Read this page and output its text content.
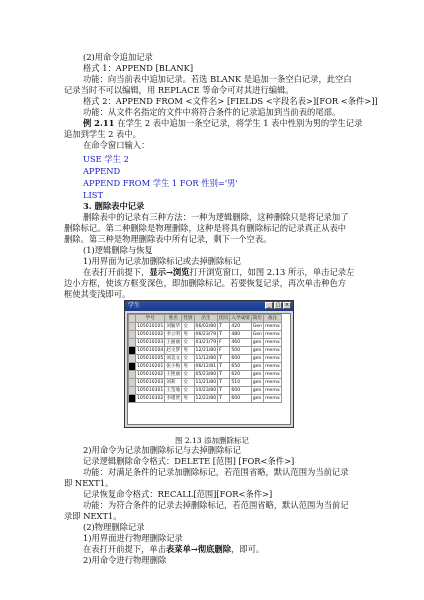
(2)用命令追加记录
格式 1：APPEND [BLANK]
功能：向当前表中追加记录。若选 BLANK 是追加一条空白记录，此空白
记录当时不可以编辑，用 REPLACE 等命令可对其进行编辑。
格式 2：APPEND FROM <文件名> [FIELDS <字段名表>][FOR <条件>]]
功能：从文件名指定的文件中将符合条件的记录追加到当前表的尾部。
例 2.11 在学生 2 表中追加一条空记录，将学生 1 表中性别为男的学生记录
追加到学生 2 表中。
在命令窗口输入：
USE 学生 2
APPEND
APPEND FROM 学生 1 FOR 性别='男'
LIST
3. 删除表中记录
删除表中的记录有三种方法：一种为逻辑删除，这种删除只是将记录加了
删除标记。第二种删除是物理删除，这种是将具有删除标记的记录真正从表中
删除。第三种是物理删除表中所有记录，剩下一个空表。
(1)逻辑删除与恢复
1)用界面为记录加删除标记或去掉删除标记
在表打开前提下，显示→浏览打开浏览窗口，如图 2.13 所示，单击记录左
边小方框，使该方框变深色，即加删除标记。若要恢复记录，再次单击种色方
框使其变浅即可。
2)用命令为记录加删除标记与去掉删除标记
记录逻辑删除命令格式：DELETE [范围] [FOR<条件>]
功能：对满足条件的记录加删除标记，若范围省略，默认范围为当前记录
即 NEXT1。
记录恢复命令格式：RECALL[范围][FOR<条件>]
功能：为符合条件的记录去掉删除标记，若范围省略，默认范围为当前记
录即 NEXT1。
(2)物理删除记录
1)用界面进行物理删除记录
在表打开前提下，单击表菜单→彻底删除，即可。
2)用命令进行物理删除
学生	_	□ ×
	学号	姓名	性别	出生	团员	入学成绩	简历	备注
	105010101	刘颖华	女	06/02/80	T	420	Gen	memo
	105010102	李立明	男	06/23/79	T	480	Gen	memo
	105010103	王丽丽	女	03/21/79	F	460	gen	memo
	105010104	赵文梦	男	12/21/80	F	500	gen	memo
	105010105	刘美文	女	11/12/80	T	600	gen	memo
	105010201	张小梅	男	06/12/81	T	650	gen	memo
	105010202	王艳丽	女	05/23/80	T	620	gen	memo
	105010203	刘莉	女	11/21/80	T	510	gen	memo
	105010301	王莹瑜	女	10/23/80	T	600	gen	memo
	105010302	李瑾贤	男	12/22/80	T	600	gen	memo
图 2.13 添加删除标记
